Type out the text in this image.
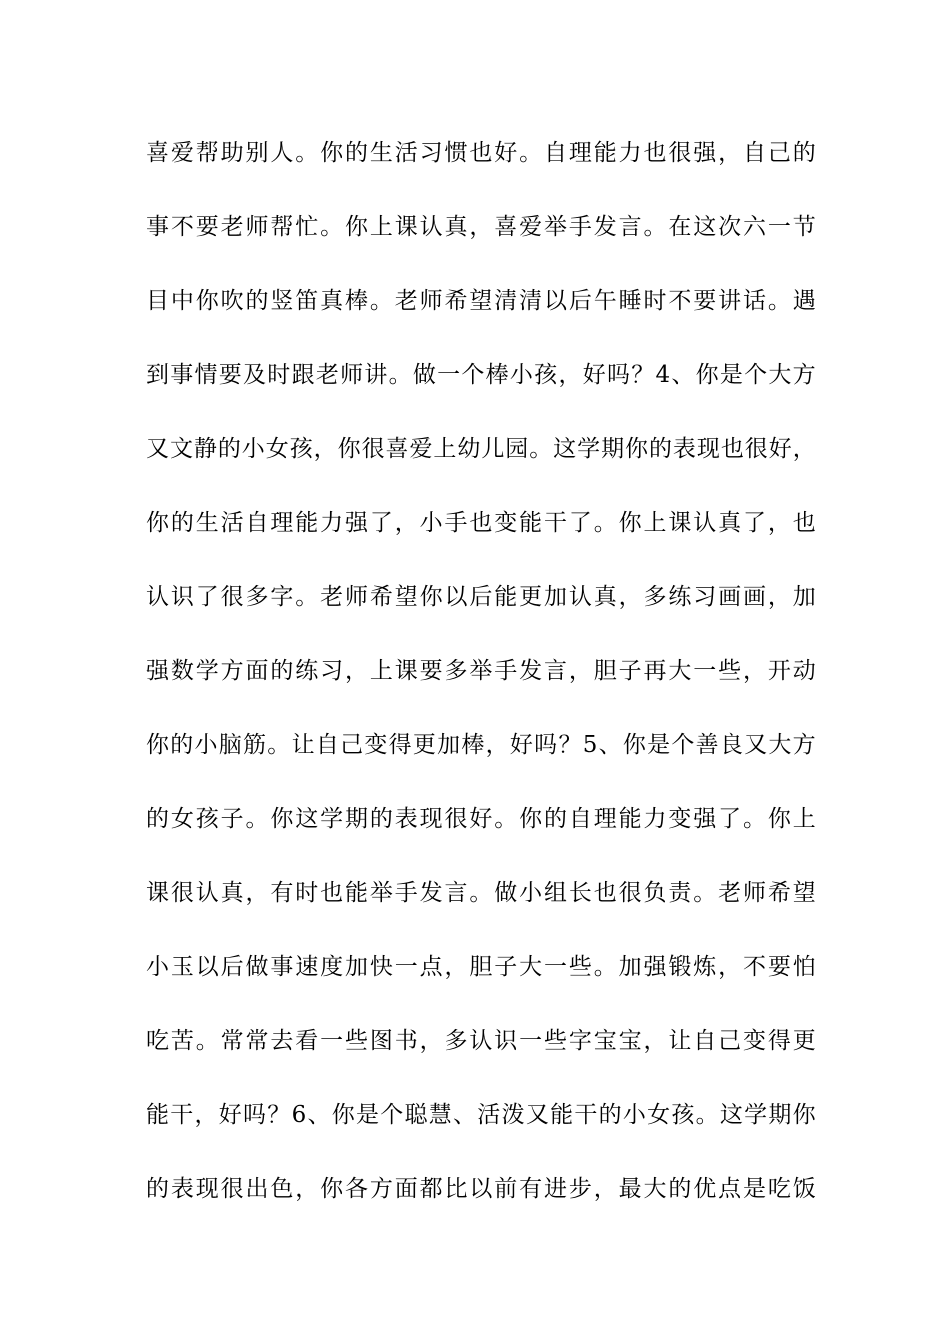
喜爱帮助别人。你的生活习惯也好。自理能力也很强，自己的
事不要老师帮忙。你上课认真，喜爱举手发言。在这次六一节
目中你吹的竖笛真棒。老师希望清清以后午睡时不要讲话。遇
到事情要及时跟老师讲。做一个棒小孩，好吗？4、你是个大方
又文静的小女孩，你很喜爱上幼儿园。这学期你的表现也很好，
你的生活自理能力强了，小手也变能干了。你上课认真了，也
认识了很多字。老师希望你以后能更加认真，多练习画画，加
强数学方面的练习，上课要多举手发言，胆子再大一些，开动
你的小脑筋。让自己变得更加棒，好吗？5、你是个善良又大方
的女孩子。你这学期的表现很好。你的自理能力变强了。你上
课很认真，有时也能举手发言。做小组长也很负责。老师希望
小玉以后做事速度加快一点，胆子大一些。加强锻炼，不要怕
吃苦。常常去看一些图书，多认识一些字宝宝，让自己变得更
能干，好吗？6、你是个聪慧、活泼又能干的小女孩。这学期你
的表现很出色，你各方面都比以前有进步，最大的优点是吃饭
